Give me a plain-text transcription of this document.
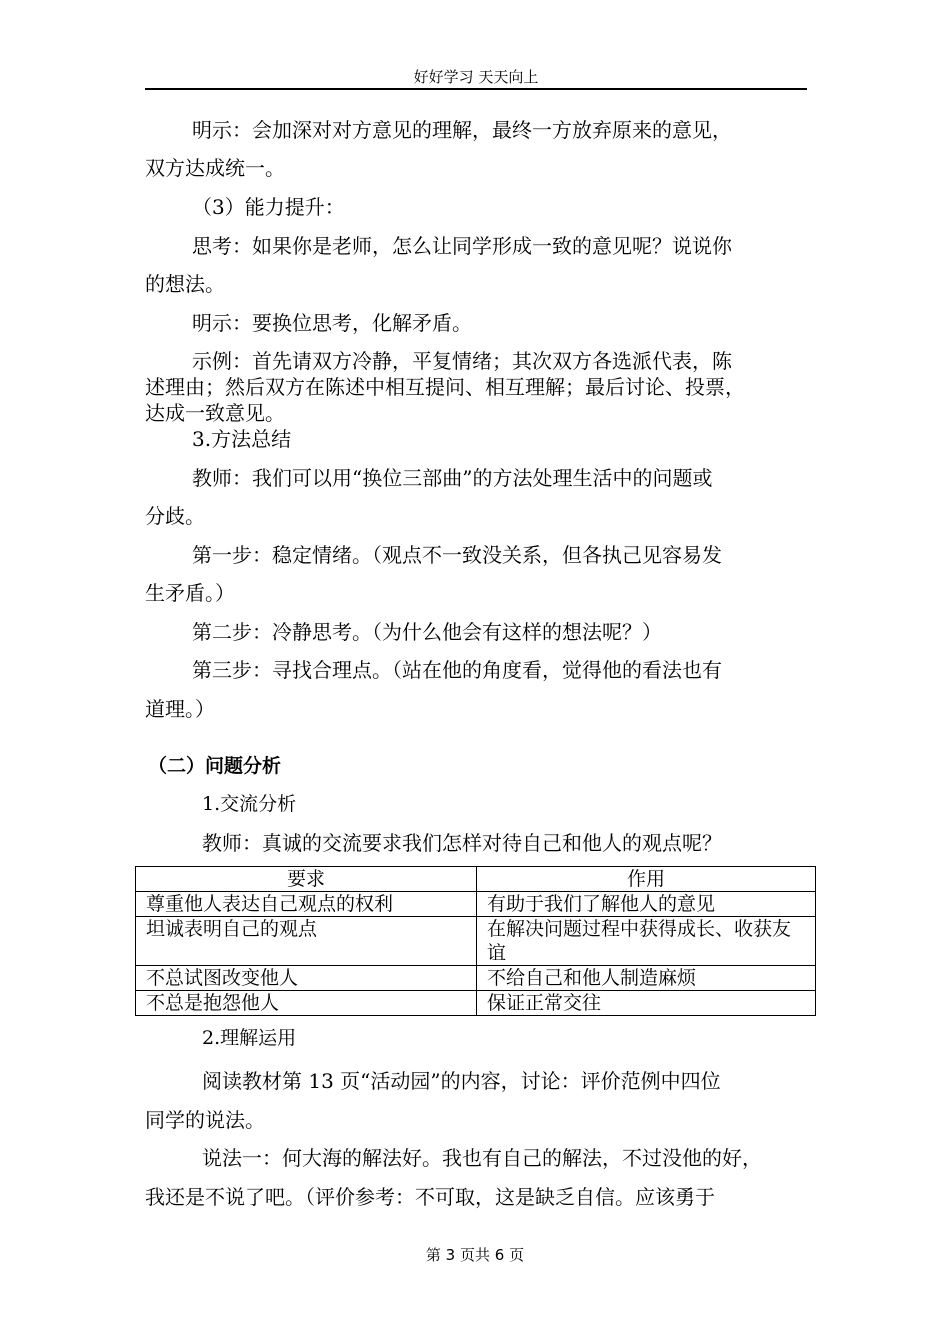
好好学习 天天向上
明示：会加深对对方意见的理解，最终一方放弃原来的意见，
双方达成统一。
（3）能力提升：
思考：如果你是老师，怎么让同学形成一致的意见呢？说说你
的想法。
明示：要换位思考，化解矛盾。
示例：首先请双方冷静，平复情绪；其次双方各选派代表，陈
述理由；然后双方在陈述中相互提问、相互理解；最后讨论、投票，
达成一致意见。
3.方法总结
教师：我们可以用“换位三部曲”的方法处理生活中的问题或
分歧。
第一步：稳定情绪。（观点不一致没关系，但各执己见容易发
生矛盾。）
第二步：冷静思考。（为什么他会有这样的想法呢？）
第三步：寻找合理点。（站在他的角度看，觉得他的看法也有
道理。）
（二）问题分析
1.交流分析
教师：真诚的交流要求我们怎样对待自己和他人的观点呢？
要求	作用
尊重他人表达自己观点的权利	有助于我们了解他人的意见
坦诚表明自己的观点	在解决问题过程中获得成长、收获友谊
不总试图改变他人	不给自己和他人制造麻烦
不总是抱怨他人	保证正常交往
2.理解运用
阅读教材第 13 页“活动园”的内容，讨论：评价范例中四位
同学的说法。
说法一：何大海的解法好。我也有自己的解法，不过没他的好，
我还是不说了吧。（评价参考：不可取，这是缺乏自信。应该勇于
第 3 页共 6 页
